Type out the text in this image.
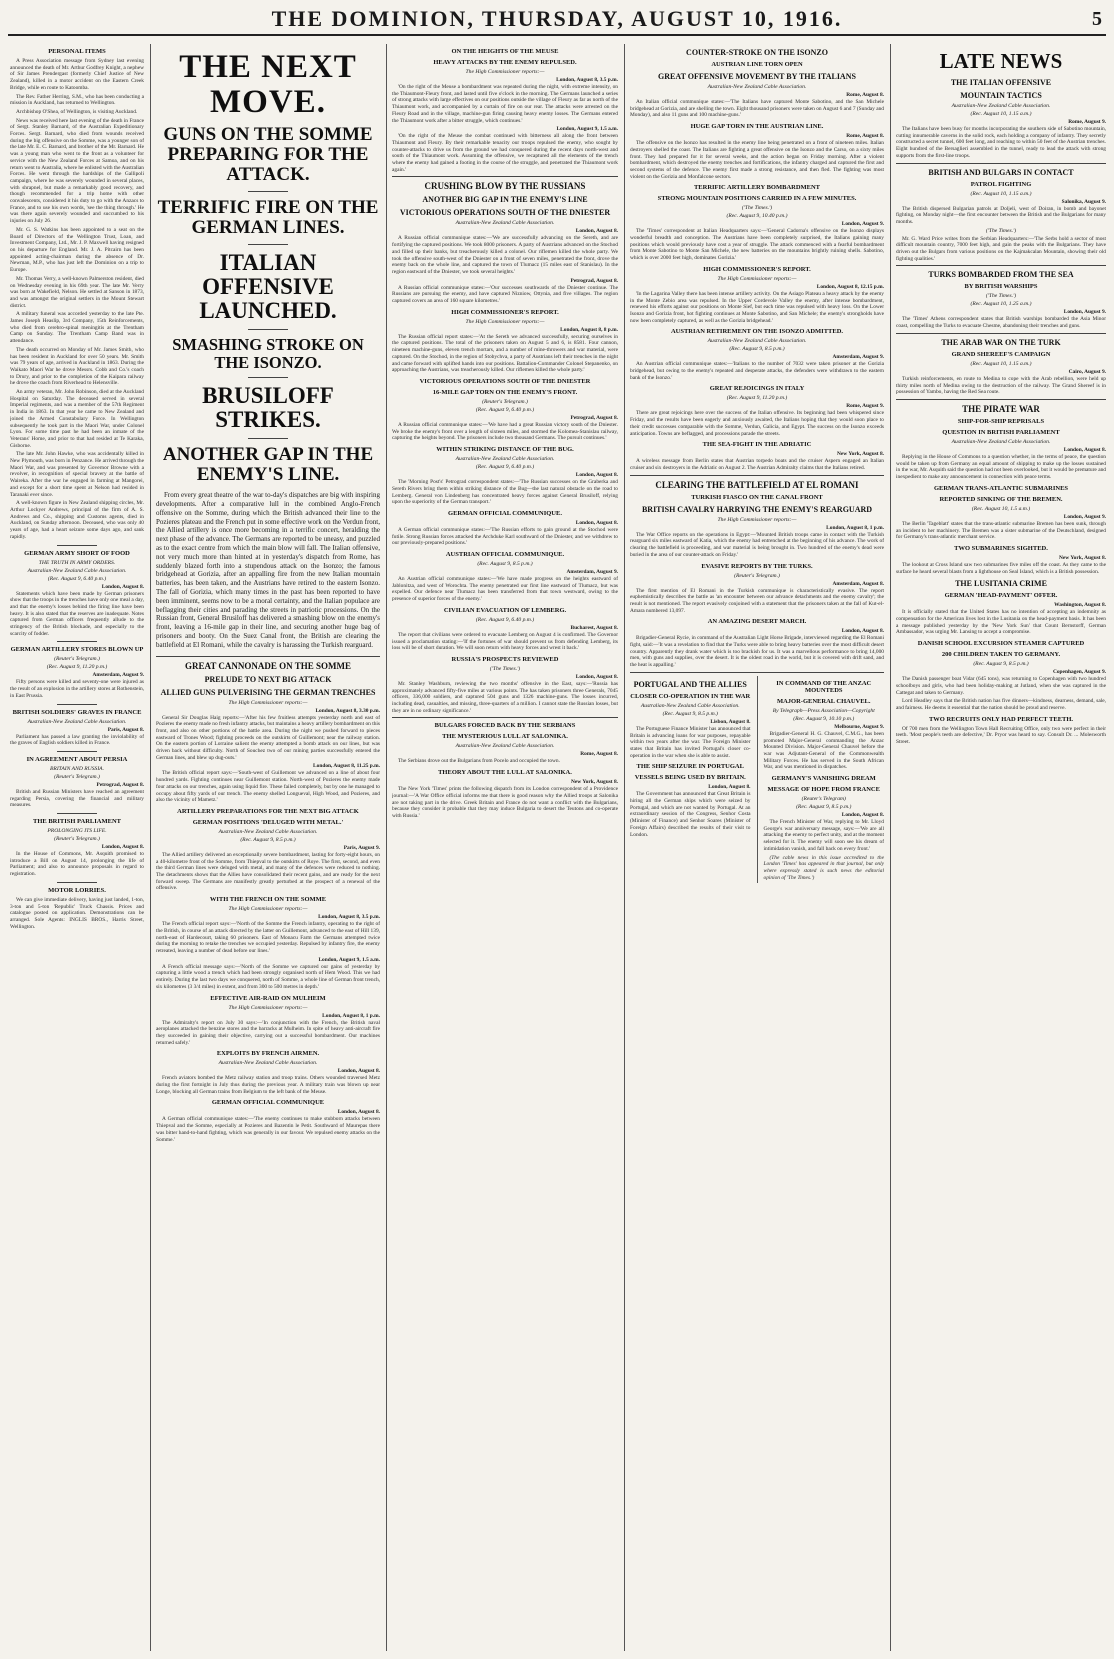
THE DOMINION, THURSDAY, AUGUST 10, 1916.	5
PERSONAL ITEMS

A Press Association message from Sydney last evening announced the death of Mr. Arthur Godfrey Knight, a nephew of Sir James Prendergast (formerly Chief Justice of New Zealand), killed in a motor accident on the Eastern Creek Bridge, while en route to Katoomba.

The Rev. Father Herring, S.M., who has been conducting a mission in Auckland, has returned to Wellington.

Archbishop O'Shea, of Wellington, is visiting Auckland.

News was received here last evening of the death in France of Sergt. Stanley Barnard, of the Australian Expeditionary Forces. Sergt. Barnard, who died from wounds received during the big offensive on the Somme, was a younger son of the late Mr. E. C. Barnard, and brother of the Mr. Barnard. He was a young man who went to the front as a volunteer for service with the New Zealand Forces at Samoa, and on his return went to Australia, where he enlisted with the Australian Forces. He went through the hardships of the Gallipoli campaign, where he was severely wounded in several places, with shrapnel, but made a remarkably good recovery, and though recommended for a trip home with other convalescents, considered it his duty to go with the Anzacs to France, and to use his own words, 'see the thing through.' He was there again severely wounded and succumbed to his injuries on July 26.

Mr. G. S. Watkins has been appointed to a seat on the Board of Directors of the Wellington Trust, Loan, and Investment Company, Ltd., Mr. J. P. Maxwell having resigned on his departure for England. Mr. J. A. Pitcairn has been appointed acting-chairman during the absence of Dr. Newman, M.P., who has just left the Dominion on a trip to Europe.

Mr. Thomas Verry, a well-known Palmerston resident, died on Wednesday evening in his 69th year. The late Mr. Verry was born at Wakefield, Nelson. He settled at Sanson in 1873, and was amongst the original settlers in the Mount Stewart district.

A military funeral was accorded yesterday to the late Pte. James Joseph Heaslip, 3rd Company, 15th Reinforcements, who died from cerebro-spinal meningitis at the Trentham Camp on Sunday. The Trentham Camp Band was in attendance.

The death occurred on Monday of Mr. James Smith, who has been resident in Auckland for over 50 years. Mr. Smith was 79 years of age, arrived in Auckland in 1863. During the Waikato Maori War he drove Messrs. Cobb and Co.'s coach to Drury, and prior to the completion of the Kaipara railway he drove the coach from Riverhead to Helensville.

An army veteran, Mr. John Robinson, died at the Auckland Hospital on Saturday. The deceased served in several Imperial regiments, and was a member of the 57th Regiment in India in 1863. In that year he came to New Zealand and joined the Armed Constabulary Force. In Wellington subsequently he took part in the Maori War, under Colonel Lyon. For some time past he had been an inmate of the Veterans' Home, and prior to that had resided at Te Karaka, Gisborne.

The late Mr. John Hawke, who was accidentally killed in New Plymouth, was born in Penzance. He arrived through the Maori War, and was presented by Governor Browne with a revolver, in recognition of special bravery at the battle of Waireka. After the war he engaged in farming at Mangorei, and except for a short time spent at Nelson had resided in Taranaki ever since.

A well-known figure in New Zealand shipping circles, Mr. Arthur Lockyer Andrews, principal of the firm of A. S. Andrews and Co., shipping and Customs agents, died in Auckland, on Sunday afternoon. Deceased, who was only 40 years of age, had a heart seizure some days ago, and sank rapidly.

GERMAN ARMY SHORT OF FOOD
THE TRUTH IN ARMY ORDERS.
Australian-New Zealand Cable Association.
(Rec. August 9, 6.40 p.m.)
London, August 8.

Statements which have been made by German prisoners show that the troops in the trenches have only one meal a day, and that the enemy's losses behind the firing line have been heavy. It is also stated that the reserves are inadequate. Notes captured from German officers frequently allude to the stringency of the British blockade, and especially to the scarcity of fodder.

GERMAN ARTILLERY STORES BLOWN UP
(Reuter's Telegram.)
(Rec. August 9, 11.20 p.m.)
Amsterdam, August 9.

Fifty persons were killed and seventy-one were injured as the result of an explosion in the artillery stores at Rothenstein, in East Prussia.

BRITISH SOLDIERS' GRAVES IN FRANCE
Australian-New Zealand Cable Association.
Paris, August 8.

Parliament has passed a law granting the inviolability of the graves of English soldiers killed in France.

IN AGREEMENT ABOUT PERSIA
BRITAIN AND RUSSIA.
(Reuter's Telegram.)
Petrograd, August 8.

British and Russian Ministers have reached an agreement regarding Persia, covering the financial and military measures.

THE BRITISH PARLIAMENT
PROLONGING ITS LIFE.
(Reuter's Telegram.)
London, August 8.

In the House of Commons, Mr. Asquith promised to introduce a Bill on August 14, prolonging the life of Parliament; and also to announce proposals in regard to registration.

MOTOR LORRIES.

We can give immediate delivery, having just landed, 1-ton, 3-ton and 5-ton 'Republic' Truck Chassis. Prices and catalogue posted on application. Demonstrations can be arranged. Sole Agents: INGLIS BROS., Harris Street, Wellington.

THE NEXT MOVE.
GUNS ON THE SOMME PREPARING FOR THE ATTACK.
TERRIFIC FIRE ON THE GERMAN LINES.
ITALIAN OFFENSIVE LAUNCHED.
SMASHING STROKE ON THE ISONZO.
BRUSILOFF STRIKES.
ANOTHER GAP IN THE ENEMY'S LINE.

From every great theatre of the war to-day's dispatches are big with inspiring developments. After a comparative lull in the combined Anglo-French offensive on the Somme, during which the British advanced their line to the Pozieres plateau and the French put in some effective work on the Verdun front, the Allied artillery is once more becoming in a terrific concert, heralding the next phase of the advance. The Germans are reported to be uneasy, and puzzled as to the exact centre from which the main blow will fall. The Italian offensive, not very much more than hinted at in yesterday's dispatch from Rome, has suddenly blazed forth into a stupendous attack on the Isonzo; the famous bridgehead at Gorizia, after an appalling fire from the new Italian mountain batteries, has been taken, and the Austrians have retired to the eastern Isonzo. The fall of Gorizia, which many times in the past has been reported to have been imminent, seems now to be a moral certainty, and the Italian populace are beflagging their cities and parading the streets in patriotic processions. On the Russian front, General Brusiloff has delivered a smashing blow on the enemy's front, leaving a 16-mile gap in their line, and securing another huge bag of prisoners and booty. On the Suez Canal front, the British are clearing the battlefield at El Romani, while the cavalry is harassing the Turkish rearguard.

GREAT CANNONADE ON THE SOMME
PRELUDE TO NEXT BIG ATTACK
ALLIED GUNS PULVERISING THE GERMAN TRENCHES
The High Commissioner reports:—
London, August 8, 3.30 p.m.

General Sir Douglas Haig reports:—'After his few fruitless attempts yesterday north and east of Pozieres the enemy made no fresh infantry attacks, but maintains a heavy artillery bombardment on this front, and also on other portions of the battle area. During the night we pushed forward to pieces eastward of Trones Wood; fighting proceeds on the outskirts of Guillemont; near the railway station. On the eastern portion of Lorraine salient the enemy attempted a bomb attack on our lines, but was driven back without difficulty. North of Souchez two of our mining parties successfully entered the German lines, and blew up dug-outs.'

London, August 8, 11.25 p.m.

The British official report says:—'South-west of Guillemont we advanced on a line of about four hundred yards. Fighting continues near Guillemont station. North-west of Pozieres the enemy made four attacks on our trenches, again using liquid fire. These failed completely, but by one he managed to occupy about fifty yards of our trench. The enemy shelled Longueval, High Wood, and Pozieres, and also the vicinity of Mametz.'

ARTILLERY PREPARATIONS FOR THE NEXT BIG ATTACK
GERMAN POSITIONS 'DELUGED WITH METAL.'
Australian-New Zealand Cable Association.
(Rec. August 9, 8.5 p.m.)
Paris, August 9.

The Allied artillery delivered an exceptionally severe bombardment, lasting for forty-eight hours, on a 40-kilometre front of the Somme, from Thiepval to the outskirts of Roye. The first, second, and even the third German lines were deluged with metal, and many of the defences were reduced to nothing. The detachments shows that the Allies have consolidated their recent gains, and are ready for the next forward sweep. The Germans are manifestly greatly perturbed at the prospect of a renewal of the offensive.

WITH THE FRENCH ON THE SOMME
The High Commissioner reports:—
London, August 8, 3.5 p.m.

The French official report says:—'North of the Somme the French infantry, operating to the right of the British, in course of an attack directed by the latter on Guillemont, advanced to the east of Hill 139, north-east of Hardecourt, taking 60 prisoners. East of Monacu Farm the Germans attempted twice during the morning to retake the trenches we occupied yesterday. Repulsed by infantry fire, the enemy retreated, leaving a number of dead before our lines.'

London, August 9, 1.5 a.m.

A French official message says:—'North of the Somme we captured our gains of yesterday by capturing a little wood a trench which had been strongly organised north of Hem Wood. This we had entirely. During the last two days we conquered, north of Somme, a whole line of German front trench, six kilometres (3 3/4 miles) in extent, and from 300 to 500 metres in depth.'

EFFECTIVE AIR-RAID ON MULHEIM
The High Commissioner reports:—
London, August 8, 1 p.m.

The Admiralty's report on July 30 says:—'In conjunction with the French, the British naval aeroplanes attacked the benzine stores and the barracks at Mulheim. In spite of heavy anti-aircraft fire they succeeded in gaining their objective, carrying out a successful bombardment. Our machines returned safely.'

EXPLOITS BY FRENCH AIRMEN.
Australian-New Zealand Cable Association.
London, August 8.

French aviators bombed the Metz railway station and troop trains. Others wounded traversed Metz during the first fortnight in July thus during the previous year. A military train was blown up near Longe, blocking all German trains from Belgium to the left bank of the Meuse.

GERMAN OFFICIAL COMMUNIQUE
London, August 8.

A German official communique states:—'The enemy continues to make stubborn attacks between Thiepval and the Somme, especially at Pozieres and Bazentin le Petit. Southward of Maurepas there was bitter hand-to-hand fighting, which was generally in our favour. We repulsed enemy attacks on the Somme.'

ON THE HEIGHTS OF THE MEUSE
HEAVY ATTACKS BY THE ENEMY REPULSED.
The High Commissioner reports:—
London, August 8, 3.5 p.m.

'On the right of the Meuse a bombardment was repeated during the night, with extreme intensity, on the Thiaumont-Fleury front, and lasted until five o'clock in the morning. The Germans launched a series of strong attacks with large effectives on our positions outside the village of Fleury as far as north of the Thiaumont work, and accompanied by a curtain of fire on our rear. The attacks were arrested on the Fleury Road and in the village, machine-gun firing causing heavy enemy losses. The Germans entered the Thiaumont work after a bitter struggle, which continues.'

London, August 9, 1.5 a.m.

'On the right of the Meuse the combat continued with bitterness all along the front between Thiaumont and Fleury. By their remarkable tenacity our troops repulsed the enemy, who sought by counter-attacks to drive us from the ground we had conquered during the recent days north-west and south of the Thiaumont work. Assuming the offensive, we recaptured all the elements of the trench where the enemy had gained a footing in the course of the struggle, and penetrated the Thiaumont work again.'

CRUSHING BLOW BY THE RUSSIANS
ANOTHER BIG GAP IN THE ENEMY'S LINE
VICTORIOUS OPERATIONS SOUTH OF THE DNIESTER
Australian-New Zealand Cable Association.
London, August 8.

A Russian official communique states:—'We are successfully advancing on the Sereth, and are fortifying the captured positions. We took 8000 prisoners. A party of Austrians advanced on the Stochod and filled up their banks, but treacherously killed a colonel. Our riflemen killed the whole party. We took the offensive south-west of the Dniester on a front of seven miles, penetrated the front, drove the enemy back on the whole line, and captured the town of Tlumacz (15 miles east of Stanislau). In the region eastward of the Dniester, we took several heights.'

Petrograd, August 8.

A Russian official communique states:—'Our successes southwards of the Dniester continue. The Russians are pursuing the enemy, and have captured Nizniow, Ottynia, and five villages. The region captured covers an area of 160 square kilometres.'

HIGH COMMISSIONER'S REPORT.
The High Commissioner reports:—
London, August 8, 8 p.m.

The Russian official report states:—'At the Sereth we advanced successfully, securing ourselves in the captured positions. The total of the prisoners taken on August 5 and 6, is 8581. Four cannon, nineteen machine-guns, eleven trench mortars, and a number of mine-throwers and war material, were captured. On the Stochod, in the region of Stobychva, a party of Austrians left their trenches in the night and came forward with uplifted hands into our positions. Battalion-Commander Colonel Stepanenko, on approaching the Austrians, was treacherously killed. Our riflemen killed the whole party.'

VICTORIOUS OPERATIONS SOUTH OF THE DNIESTER
16-MILE GAP TORN ON THE ENEMY'S FRONT.
(Reuter's Telegram.)
(Rec. August 9, 6.40 p.m.)
Petrograd, August 8.

A Russian official communique states:—'We have had a great Russian victory south of the Dniester. We broke the enemy's front over a length of sixteen miles, and stormed the Kolomea-Stanislau railway, capturing the heights beyond. The prisoners include two thousand Germans. The pursuit continues.'

WITHIN STRIKING DISTANCE OF THE BUG.
Australian-New Zealand Cable Association.
(Rec. August 9, 6.40 p.m.)
London, August 8.

The 'Morning Post's' Petrograd correspondent states:—'The Russian successes on the Graberka and Sereth Rivers bring them within striking distance of the Bug—the last natural obstacle on the road to Lemberg. General von Lindenberg has concentrated heavy forces against General Brusiloff, relying upon the superiority of the German transport.'

GERMAN OFFICIAL COMMUNIQUE.
London, August 8.

A German official communique states:—'The Russian efforts to gain ground at the Stochod were futile. Strong Russian forces attacked the Archduke Karl southward of the Dniester, and we withdrew to our previously-prepared positions.'

AUSTRIAN OFFICIAL COMMUNIQUE.
(Rec. August 9, 8.5 p.m.)
Amsterdam, August 9.

An Austrian official communique states:—'We have made progress on the heights eastward of Jablonitza, and west of Worochta. The enemy penetrated our first line eastward of Tlumacz, but was expelled. Our defence near Tlumacz has been transferred from that town westward, owing to the presence of superior forces of the enemy.'

CIVILIAN EVACUATION OF LEMBERG.
(Rec. August 9, 6.40 p.m.)
Bucharest, August 8.

The report that civilians were ordered to evacuate Lemberg on August 4 is confirmed. The Governor issued a proclamation stating:—'If the fortunes of war should prevent us from defending Lemberg, its loss will be of short duration. We will soon return with heavy forces and wrest it back.'

RUSSIA'S PROSPECTS REVIEWED
('The Times.')
London, August 8.

Mr. Stanley Washburn, reviewing the two months' offensive in the East, says:—'Russia has approximately advanced fifty-five miles at various points. The has taken prisoners three Generals, 7045 officers, 336,000 soldiers, and captured 504 guns and 1326 machine-guns. The losses incurred, including dead, casualties, and missing, three-quarters of a million. I cannot state the Russian losses, but they are in no ordinary significance.'

BULGARS FORCED BACK BY THE SERBIANS
THE MYSTERIOUS LULL AT SALONIKA.
Australian-New Zealand Cable Association.
Rome, August 8.

The Serbians drove out the Bulgarians from Pocelo and occupied the town.

THEORY ABOUT THE LULL AT SALONIKA.
New York, August 8.

The New York 'Times' prints the following dispatch from its London correspondent of a Providence journal:—'A War Office official informs me that there is good reason why the Allied troops at Salonika are not taking part in the drive. Greek Britain and France do not want a conflict with the Bulgarians, because they consider it probable that they may induce Bulgaria to desert the Teutons and co-operate with Russia.'

COUNTER-STROKE ON THE ISONZO
AUSTRIAN LINE TORN OPEN
GREAT OFFENSIVE MOVEMENT BY THE ITALIANS
Australian-New Zealand Cable Association.
Rome, August 8.

An Italian official communique states:—'The Italians have captured Monte Sabotino, and the San Michele bridgehead at Gorizia, and are shelling the town. Eight thousand prisoners were taken on August 6 and 7 (Sunday and Monday), and also 11 guns and 100 machine-guns.'

HUGE GAP TORN IN THE AUSTRIAN LINE.
Rome, August 8.

The offensive on the Isonzo has resulted in the enemy line being penetrated on a front of nineteen miles. Italian destroyers shelled the coast. The Italians are fighting a great offensive on the Isonzo and the Carso, on a sixty miles front. They had prepared for it for several weeks, and the action began on Friday morning. After a violent bombardment, which destroyed the enemy trenches and fortifications, the infantry charged and captured the first and second systems of the defence. The enemy first made a strong resistance, and then fled. The fighting was most violent on the Gorizia and Monfalcone sectors.

TERRIFIC ARTILLERY BOMBARDMENT
STRONG MOUNTAIN POSITIONS CARRIED IN A FEW MINUTES.
('The Times.')
(Rec. August 9, 10.40 p.m.)
London, August 9.

The 'Times' correspondent at Italian Headquarters says:—'General Cadorna's offensive on the Isonzo displays wonderful breadth and conception. The Austrians have been completely surprised, the Italians gaining many positions which would previously have cost a year of struggle. The attack commenced with a fearful bombardment from Monte Sabotino to Monte San Michele, the new batteries on the mountains brightly ruining shells. Sabotino, which is over 2000 feet high, dominates Gorizia.'

HIGH COMMISSIONER'S REPORT.
The High Commissioner reports:—
London, August 8, 12.15 p.m.

'In the Lagarina Valley there has been intense artillery activity. On the Asiago Plateau a heavy attack by the enemy in the Monte Zebio area was repulsed. In the Upper Cordevole Valley the enemy, after intense bombardment, renewed his efforts against our positions on Monte Sief, but each time was repulsed with heavy loss. On the Lower Isonzo and Gorizia front, hot fighting continues at Monte Sabotino, and San Michele; the enemy's strongholds have now been completely captured, as well as the Gorizia bridgehead.'

AUSTRIAN RETIREMENT ON THE ISONZO ADMITTED.
Australian-New Zealand Cable Association.
(Rec. August 9, 8.5 p.m.)
Amsterdam, August 9.

An Austrian official communique states:—'Italians to the number of 7032 were taken prisoner at the Gorizia bridgehead, but owing to the enemy's repeated and desperate attacks, the defenders were withdrawn to the eastern bank of the Isonzo.'

GREAT REJOICINGS IN ITALY
(Rec. August 9, 11.20 p.m.)
Rome, August 9.

There are great rejoicings here over the success of the Italian offensive. Its beginning had been whispered since Friday, and the results have been eagerly and anxiously awaited, the Italians hoping that they would soon place to their credit successes comparable with the Somme, Verdun, Galicia, and Egypt. The success on the Isonzo exceeds anticipation. Towns are beflagged, and processions parade the streets.

THE SEA-FIGHT IN THE ADRIATIC
New York, August 8.

A wireless message from Berlin states that Austrian torpedo boats and the cruiser Aspern engaged an Italian cruiser and six destroyers in the Adriatic on August 2. The Austrian Admiralty claims that the Italians retired.

CLEARING THE BATTLEFIELD AT EL ROMANI
TURKISH FIASCO ON THE CANAL FRONT
BRITISH CAVALRY HARRYING THE ENEMY'S REARGUARD
The High Commissioner reports:—
London, August 8, 1 p.m.

The War Office reports on the operations in Egypt:—'Mounted British troops came in contact with the Turkish rearguard six miles eastward of Katia, which the enemy had entrenched at the beginning of his advance. The work of clearing the battlefield is proceeding, and war material is being brought in. Two hundred of the enemy's dead were buried in the area of our counter-attack on Friday.'

EVASIVE REPORTS BY THE TURKS.
(Reuter's Telegram.)
Amsterdam, August 8.

The first mention of El Romani in the Turkish communique is characteristically evasive. The report euphemistically describes the battle as 'an encounter between our advance detachments and the enemy cavalry'; the result is not mentioned. The report evasively conjoined with a statement that the prisoners taken at the fall of Kut-el-Amara numbered 13,097.

AN AMAZING DESERT MARCH.
London, August 8.

Brigadier-General Rycie, in command of the Australian Light Horse Brigade, interviewed regarding the El Romani fight, said:—'It was a revelation to find that the Turks were able to bring heavy batteries over the most difficult desert country. Apparently they drank water which is too brackish for us. It was a marvellous performance to bring 14,000 men, with guns and supplies, over the desert. It is the oldest road in the world, but it is covered with drift sand, and the heat is appalling.'

PORTUGAL AND THE ALLIES
CLOSER CO-OPERATION IN THE WAR
Australian-New Zealand Cable Association.
(Rec. August 9, 8.5 p.m.)
Lisbon, August 8.

The Portuguese Finance Minister has announced that Britain is advancing loans for war purposes, repayable within two years after the war. The Foreign Minister states that Britain has invited Portugal's closer co-operation in the war when she is able to assist.

THE SHIP SEIZURE IN PORTUGAL
VESSELS BEING USED BY BRITAIN.
London, August 8.

The Government has announced that Great Britain is hiring all the German ships which were seized by Portugal, and which are not wanted by Portugal. At an extraordinary session of the Congress, Senhor Costa (Minister of Finance) and Senhor Soares (Minister of Foreign Affairs) described the results of their visit to London.

IN COMMAND OF THE ANZAC MOUNTEDS
MAJOR-GENERAL CHAUVEL.
By Telegraph—Press Association—Copyright
(Rec. August 9, 10.10 p.m.)
Melbourne, August 9.

Brigadier-General H. G. Chauvel, C.M.G., has been promoted Major-General commanding the Anzac Mounted Division. Major-General Chauvel before the war was Adjutant-General of the Commonwealth Military Forces. He has served in the South African War, and was mentioned in dispatches.

GERMANY'S VANISHING DREAM
MESSAGE OF HOPE FROM FRANCE
(Reuter's Telegram)
(Rec. August 9, 8.5 p.m.)
London, August 8.

The French Minister of War, replying to Mr. Lloyd George's war anniversary message, says:—'We are all attacking the enemy to perfect unity, and at the moment selected for it. The enemy will soon see his dream of intimidation vanish, and fall back on every front.'

(The cable news in this issue accredited to the London 'Times' has appeared in that journal, but only where expressly stated is such news the editorial opinion of 'The Times.')

LATE NEWS
THE ITALIAN OFFENSIVE
MOUNTAIN TACTICS
Australian-New Zealand Cable Association.
(Rec. August 10, 1.15 a.m.)
Rome, August 9.

The Italians have been busy for months incorporating the southern side of Sabotino mountain, cutting innumerable caverns in the solid rock, each holding a company of infantry. They secretly constructed a secret tunnel, 600 feet long, and reaching to within 50 feet of the Austrian trenches. Eight hundred of the Bersaglieri assembled in the tunnel, ready to lead the attack with strong supports from the first-line troops.

BRITISH AND BULGARS IN CONTACT
PATROL FIGHTING
(Rec. August 10, 1.15 a.m.)
Salonika, August 9.

The British dispersed Bulgarian patrols at Doljeli, west of Doiran, in bomb and bayonet fighting, on Monday night—the first encounter between the British and the Bulgarians for many months.

('The Times.')

Mr. G. Ward Price writes from the Serbian Headquarters:—'The Serbs hold a sector of most difficult mountain country, 7000 feet high, and gain the peaks with the Bulgarians. They have driven out the Bulgars from various positions on the Kajmakcalan Mountain, showing their old fighting qualities.'

TURKS BOMBARDED FROM THE SEA
BY BRITISH WARSHIPS
('The Times.')
(Rec. August 10, 1.25 a.m.)
London, August 9.

The 'Times' Athens correspondent states that British warships bombarded the Asia Minor coast, compelling the Turks to evacuate Chesme, abandoning their trenches and guns.

THE ARAB WAR ON THE TURK
GRAND SHEREEF'S CAMPAIGN
(Rec. August 10, 1.15 a.m.)
Cairo, August 9.

Turkish reinforcements, en route to Medina to cope with the Arab rebellion, were held up thirty miles north of Medina owing to the destruction of the railway. The Grand Shereef is in possession of Yambo, having the Red Sea route.

THE PIRATE WAR
SHIP-FOR-SHIP REPRISALS
QUESTION IN BRITISH PARLIAMENT
Australian-New Zealand Cable Association.
London, August 8.

Replying in the House of Commons to a question whether, in the terms of peace, the question would be taken up from Germany an equal amount of shipping to make up the losses sustained in the war, Mr. Asquith said the question had not been overlooked, but it would be premature and inexpedient to make any announcement in connection with peace terms.

GERMAN TRANS-ATLANTIC SUBMARINES
REPORTED SINKING OF THE BREMEN.
(Rec. August 10, 1.5 a.m.)
London, August 9.

The Berlin 'Tageblatt' states that the trans-atlantic submarine Bremen has been sunk, through an incident to her machinery. The Bremen was a sister submarine of the Deutschland, designed for Germany's trans-atlantic merchant service.

TWO SUBMARINES SIGHTED.
New York, August 8.

The lookout at Cross Island saw two submarines five miles off the coast. As they came to the surface he heard several blasts from a lighthouse on Seal Island, which is a British possession.

THE LUSITANIA CRIME
GERMAN 'HEAD-PAYMENT' OFFER.
Washington, August 8.

It is officially stated that the United States has no intention of accepting an indemnity as compensation for the American lives lost in the Lusitania on the head-payment basis. It has been a message published yesterday by the 'New York Sun' that Count Bernstorff, German Ambassador, was urging Mr. Lansing to accept a compromise.

DANISH SCHOOL EXCURSION STEAMER CAPTURED
200 CHILDREN TAKEN TO GERMANY.
(Rec. August 9, 8.5 p.m.)
Copenhagen, August 9.

The Danish passenger boat Vidar (645 tons), was returning to Copenhagen with two hundred schoolboys and girls, who had been holiday-making at Jutland, when she was captured in the Cattegat and taken to Germany.

Lord Headley says that the British nation has five dinners—kindness, dearness, demand, sale, and fairness. He deems it essential that the nation should be proud and reserve.

TWO RECRUITS ONLY HAD PERFECT TEETH.

Of 700 men from the Wellington Town Hall Recruiting Office, only two were perfect in their teeth. 'Most people's teeth are defective,' Dr. Pryor was heard to say. Consult Dr. ... Molesworth Street.
